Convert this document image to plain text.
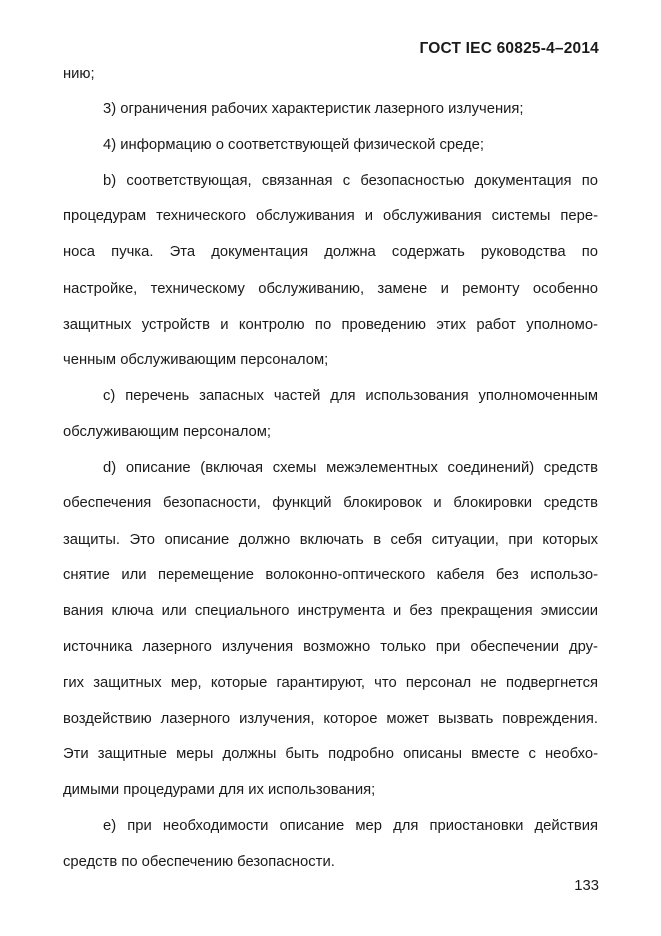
ГОСТ IEC 60825-4–2014
нию;
3) ограничения рабочих характеристик лазерного излучения;
4) информацию о соответствующей физической среде;
b) соответствующая, связанная с безопасностью документация по
процедурам технического обслуживания и обслуживания системы пере-
носа пучка. Эта документация должна содержать руководства по
настройке, техническому обслуживанию, замене и ремонту особенно
защитных устройств и контролю по проведению этих работ уполномо-
ченным обслуживающим персоналом;
c) перечень запасных частей для использования уполномоченным
обслуживающим персоналом;
d) описание (включая схемы межэлементных соединений) средств
обеспечения безопасности, функций блокировок и блокировки средств
защиты. Это описание должно включать в себя ситуации, при которых
снятие или перемещение волоконно-оптического кабеля без использо-
вания ключа или специального инструмента и без прекращения эмиссии
источника лазерного излучения возможно только при обеспечении дру-
гих защитных мер, которые гарантируют, что персонал не подвергнется
воздействию лазерного излучения, которое может вызвать повреждения.
Эти защитные меры должны быть подробно описаны вместе с необхо-
димыми процедурами для их использования;
e) при необходимости описание мер для приостановки действия
средств по обеспечению безопасности.
133
